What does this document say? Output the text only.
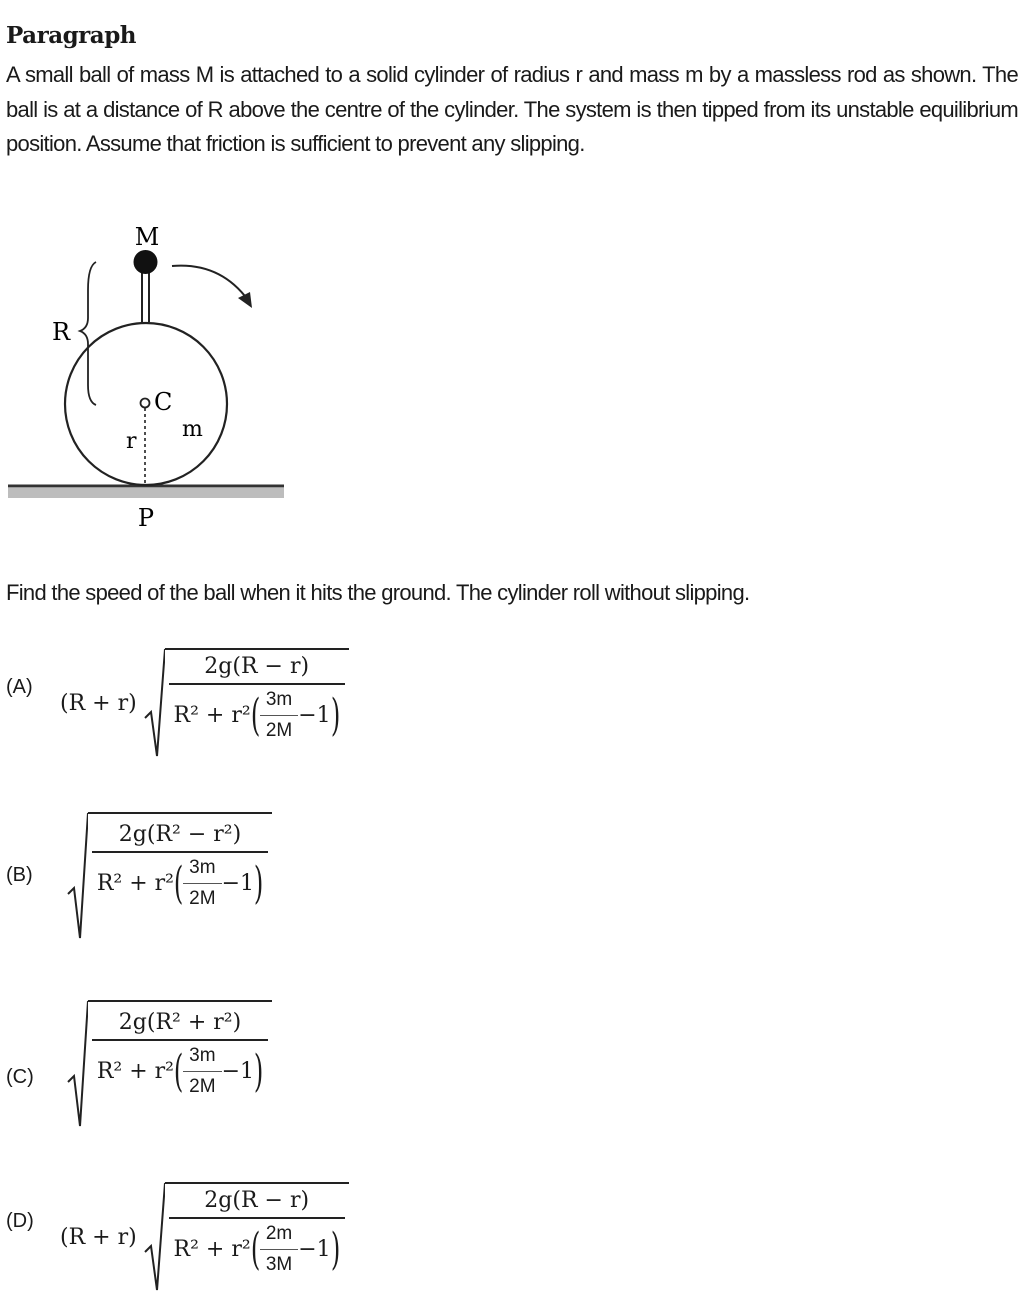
Paragraph
A small ball of mass M is attached to a solid cylinder of radius r and mass m by a massless rod as shown. The ball is at a distance of R above the centre of the cylinder. The system is then tipped from its unstable equilibrium position. Assume that friction is sufficient to prevent any slipping.
M
R
C
r m
P
Find the speed of the ball when it hits the ground. The cylinder roll without slipping.
(A)
(R + r)
2g(R − r)
R² + r² ( $\frac{3m}{2M} -1$ )
(B)
2g(R² − r²)
R² + r² ( $\frac{3m}{2M} -1$ )
(C)
2g(R² + r²)
R² + r² ( $\frac{3m}{2M} -1$ )
(D)
(R + r)
2g(R − r)
R² + r² ( $\frac{2m}{3M} -1$ )
